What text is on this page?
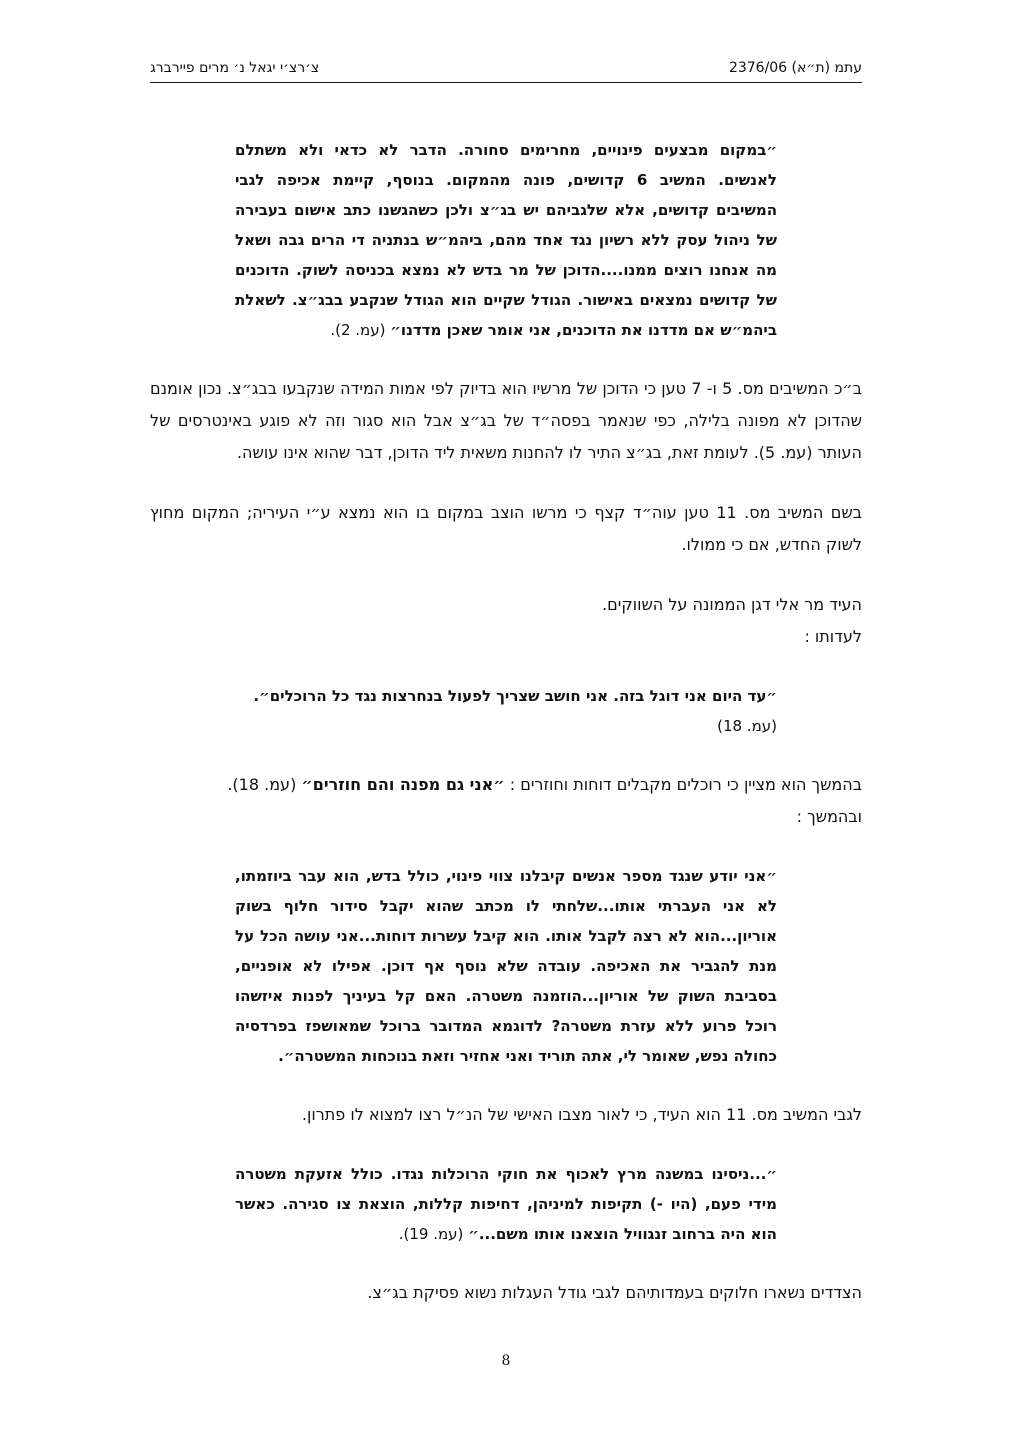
עתמ (ת״א) 2376/06
צ׳רצ׳י יגאל נ׳ מרים פיירברג

״במקום מבצעים פינויים, מחרימים סחורה. הדבר לא כדאי ולא משתלם לאנשים. המשיב 6 קדושים, פונה מהמקום. בנוסף, קיימת אכיפה לגבי המשיבים קדושים, אלא שלגביהם יש בג״צ ולכן כשהגשנו כתב אישום בעבירה של ניהול עסק ללא רשיון נגד אחד מהם, ביהמ״ש בנתניה די הרים גבה ושאל מה אנחנו רוצים ממנו....הדוכן של מר בדש לא נמצא בכניסה לשוק. הדוכנים של קדושים נמצאים באישור. הגודל שקיים הוא הגודל שנקבע בבג״צ. לשאלת ביהמ״ש אם מדדנו את הדוכנים, אני אומר שאכן מדדנו״ (עמ. 2).

ב״כ המשיבים מס. 5 ו- 7 טען כי הדוכן של מרשיו הוא בדיוק לפי אמות המידה שנקבעו בבג״צ. נכון אומנם שהדוכן לא מפונה בלילה, כפי שנאמר בפסה״ד של בג״צ אבל הוא סגור וזה לא פוגע באינטרסים של העותר (עמ. 5). לעומת זאת, בג״צ התיר לו להחנות משאית ליד הדוכן, דבר שהוא אינו עושה.

בשם המשיב מס. 11 טען עוה״ד קצף כי מרשו הוצב במקום בו הוא נמצא ע״י העיריה; המקום מחוץ לשוק החדש, אם כי ממולו.

העיד מר אלי דגן הממונה על השווקים.

לעדותו :

״עד היום אני דוגל בזה. אני חושב שצריך לפעול בנחרצות נגד כל הרוכלים״.
(עמ. 18)

בהמשך הוא מציין כי רוכלים מקבלים דוחות וחוזרים : ״אני גם מפנה והם חוזרים״ (עמ. 18).

ובהמשך :

״אני יודע שנגד מספר אנשים קיבלנו צווי פינוי, כולל בדש, הוא עבר ביוזמתו, לא אני העברתי אותו...שלחתי לו מכתב שהוא יקבל סידור חלוף בשוק אוריון...הוא לא רצה לקבל אותו. הוא קיבל עשרות דוחות...אני עושה הכל על מנת להגביר את האכיפה. עובדה שלא נוסף אף דוכן. אפילו לא אופניים, בסביבת השוק של אוריון...הוזמנה משטרה. האם קל בעיניך לפנות איזשהו רוכל פרוע ללא עזרת משטרה? לדוגמא המדובר ברוכל שמאושפז בפרדסיה כחולה נפש, שאומר לי, אתה תוריד ואני אחזיר וזאת בנוכחות המשטרה״.

לגבי המשיב מס. 11 הוא העיד, כי לאור מצבו האישי של הנ״ל רצו למצוא לו פתרון.

״...ניסינו במשנה מרץ לאכוף את חוקי הרוכלות נגדו. כולל אזעקת משטרה מידי פעם, (היו -) תקיפות למיניהן, דחיפות קללות, הוצאת צו סגירה. כאשר הוא היה ברחוב זנגוויל הוצאנו אותו משם...״ (עמ. 19).

הצדדים נשארו חלוקים בעמדותיהם לגבי גודל העגלות נשוא פסיקת בג״צ.

8
